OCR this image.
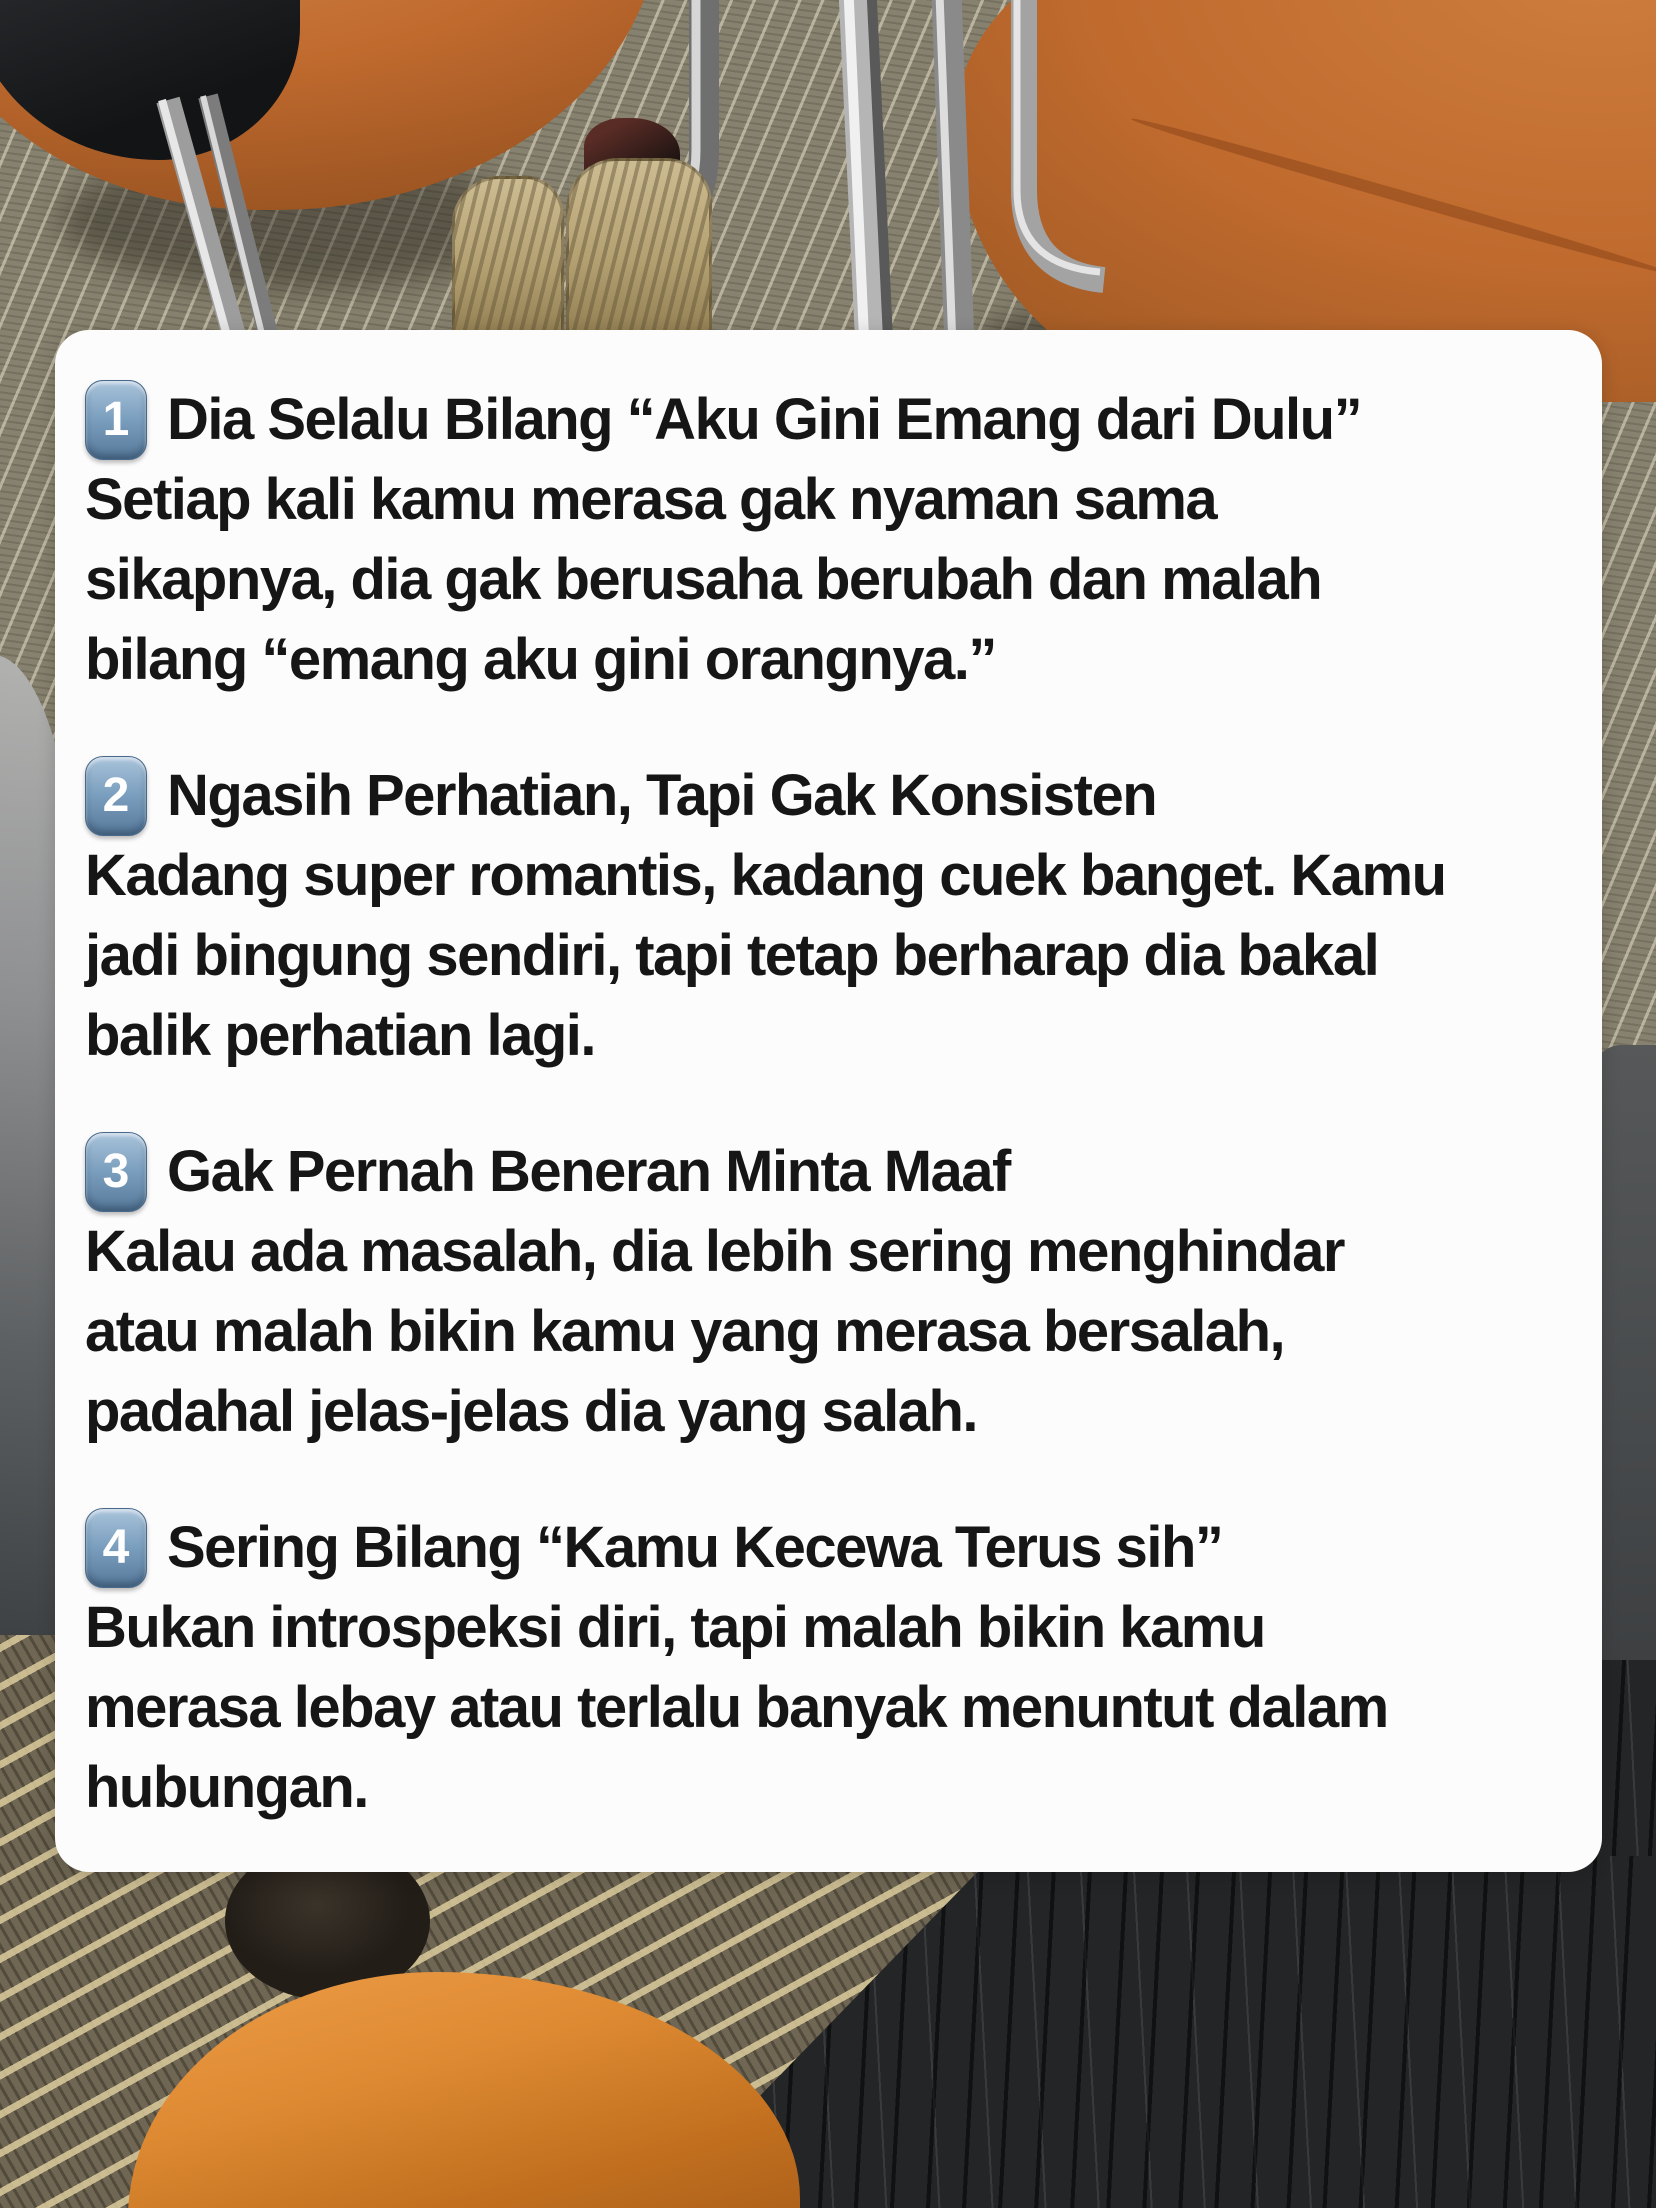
1 Dia Selalu Bilang “Aku Gini Emang dari Dulu”
Setiap kali kamu merasa gak nyaman sama
sikapnya, dia gak berusaha berubah dan malah
bilang “emang aku gini orangnya.”
2 Ngasih Perhatian, Tapi Gak Konsisten
Kadang super romantis, kadang cuek banget. Kamu
jadi bingung sendiri, tapi tetap berharap dia bakal
balik perhatian lagi.
3 Gak Pernah Beneran Minta Maaf
Kalau ada masalah, dia lebih sering menghindar
atau malah bikin kamu yang merasa bersalah,
padahal jelas-jelas dia yang salah.
4 Sering Bilang “Kamu Kecewa Terus sih”
Bukan introspeksi diri, tapi malah bikin kamu
merasa lebay atau terlalu banyak menuntut dalam
hubungan.
